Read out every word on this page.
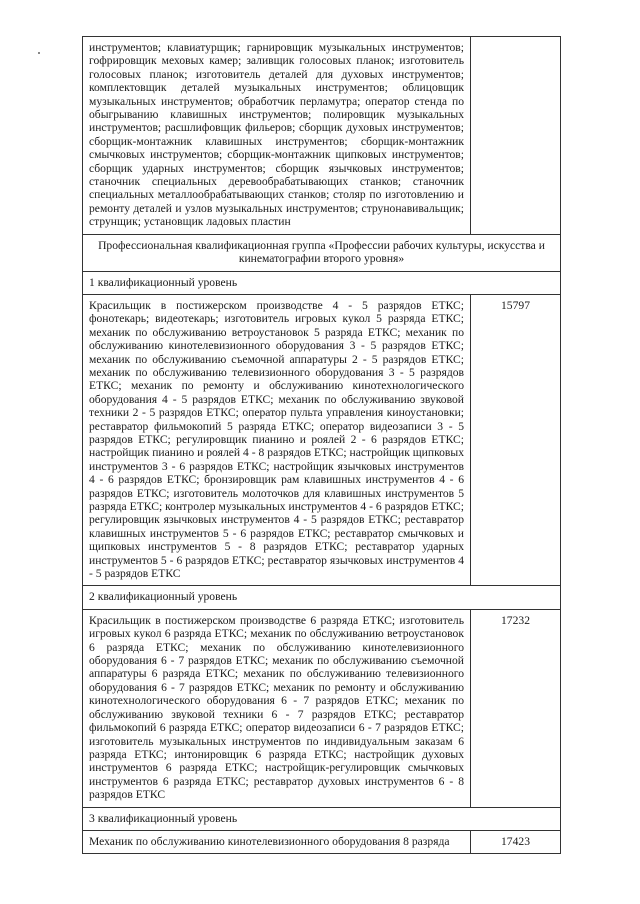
инструментов; клавиатурщик; гарнировщик музыкальных инструментов; гофрировщик меховых камер; заливщик голосовых планок; изготовитель голосовых планок; изготовитель деталей для духовых инструментов; комплектовщик деталей музыкальных инструментов; облицовщик музыкальных инструментов; обработчик перламутра; оператор стенда по обыгрыванию клавишных инструментов; полировщик музыкальных инструментов; расшлифовщик фильеров; сборщик духовых инструментов; сборщик-монтажник клавишных инструментов; сборщик-монтажник смычковых инструментов; сборщик-монтажник щипковых инструментов; сборщик ударных инструментов; сборщик язычковых инструментов; станочник специальных деревообрабатывающих станков; станочник специальных металлообрабатывающих станков; столяр по изготовлению и ремонту деталей и узлов музыкальных инструментов; струнонавивальщик; струнщик; установщик ладовых пластин	
Профессиональная квалификационная группа «Профессии рабочих культуры, искусства и кинематографии второго уровня»	
1 квалификационный уровень	
Красильщик в постижерском производстве 4 - 5 разрядов ЕТКС; фонотекарь; видеотекарь; изготовитель игровых кукол 5 разряда ЕТКС; механик по обслуживанию ветроустановок 5 разряда ЕТКС; механик по обслуживанию кинотелевизионного оборудования 3 - 5 разрядов ЕТКС; механик по обслуживанию съемочной аппаратуры 2 - 5 разрядов ЕТКС; механик по обслуживанию телевизионного оборудования 3 - 5 разрядов ЕТКС; механик по ремонту и обслуживанию кинотехнологического оборудования 4 - 5 разрядов ЕТКС; механик по обслуживанию звуковой техники 2 - 5 разрядов ЕТКС; оператор пульта управления киноустановки; реставратор фильмокопий 5 разряда ЕТКС; оператор видеозаписи 3 - 5 разрядов ЕТКС; регулировщик пианино и роялей 2 - 6 разрядов ЕТКС; настройщик пианино и роялей 4 - 8 разрядов ЕТКС; настройщик щипковых инструментов 3 - 6 разрядов ЕТКС; настройщик язычковых инструментов 4 - 6 разрядов ЕТКС; бронзировщик рам клавишных инструментов 4 - 6 разрядов ЕТКС; изготовитель молоточков для клавишных инструментов 5 разряда ЕТКС; контролер музыкальных инструментов 4 - 6 разрядов ЕТКС; регулировщик язычковых инструментов 4 - 5 разрядов ЕТКС; реставратор клавишных инструментов 5 - 6 разрядов ЕТКС; реставратор смычковых и щипковых инструментов 5 - 8 разрядов ЕТКС; реставратор ударных инструментов 5 - 6 разрядов ЕТКС; реставратор язычковых инструментов 4 - 5 разрядов ЕТКС	15797
2 квалификационный уровень	
Красильщик в постижерском производстве 6 разряда ЕТКС; изготовитель игровых кукол 6 разряда ЕТКС; механик по обслуживанию ветроустановок 6 разряда ЕТКС; механик по обслуживанию кинотелевизионного оборудования 6 - 7 разрядов ЕТКС; механик по обслуживанию съемочной аппаратуры 6 разряда ЕТКС; механик по обслуживанию телевизионного оборудования 6 - 7 разрядов ЕТКС; механик по ремонту и обслуживанию кинотехнологического оборудования 6 - 7 разрядов ЕТКС; механик по обслуживанию звуковой техники 6 - 7 разрядов ЕТКС; реставратор фильмокопий 6 разряда ЕТКС; оператор видеозаписи 6 - 7 разрядов ЕТКС; изготовитель музыкальных инструментов по индивидуальным заказам 6 разряда ЕТКС; интонировщик 6 разряда ЕТКС; настройщик духовых инструментов 6 разряда ЕТКС; настройщик-регулировщик смычковых инструментов 6 разряда ЕТКС; реставратор духовых инструментов 6 - 8 разрядов ЕТКС	17232
3 квалификационный уровень	
Механик по обслуживанию кинотелевизионного оборудования 8 разряда	17423
